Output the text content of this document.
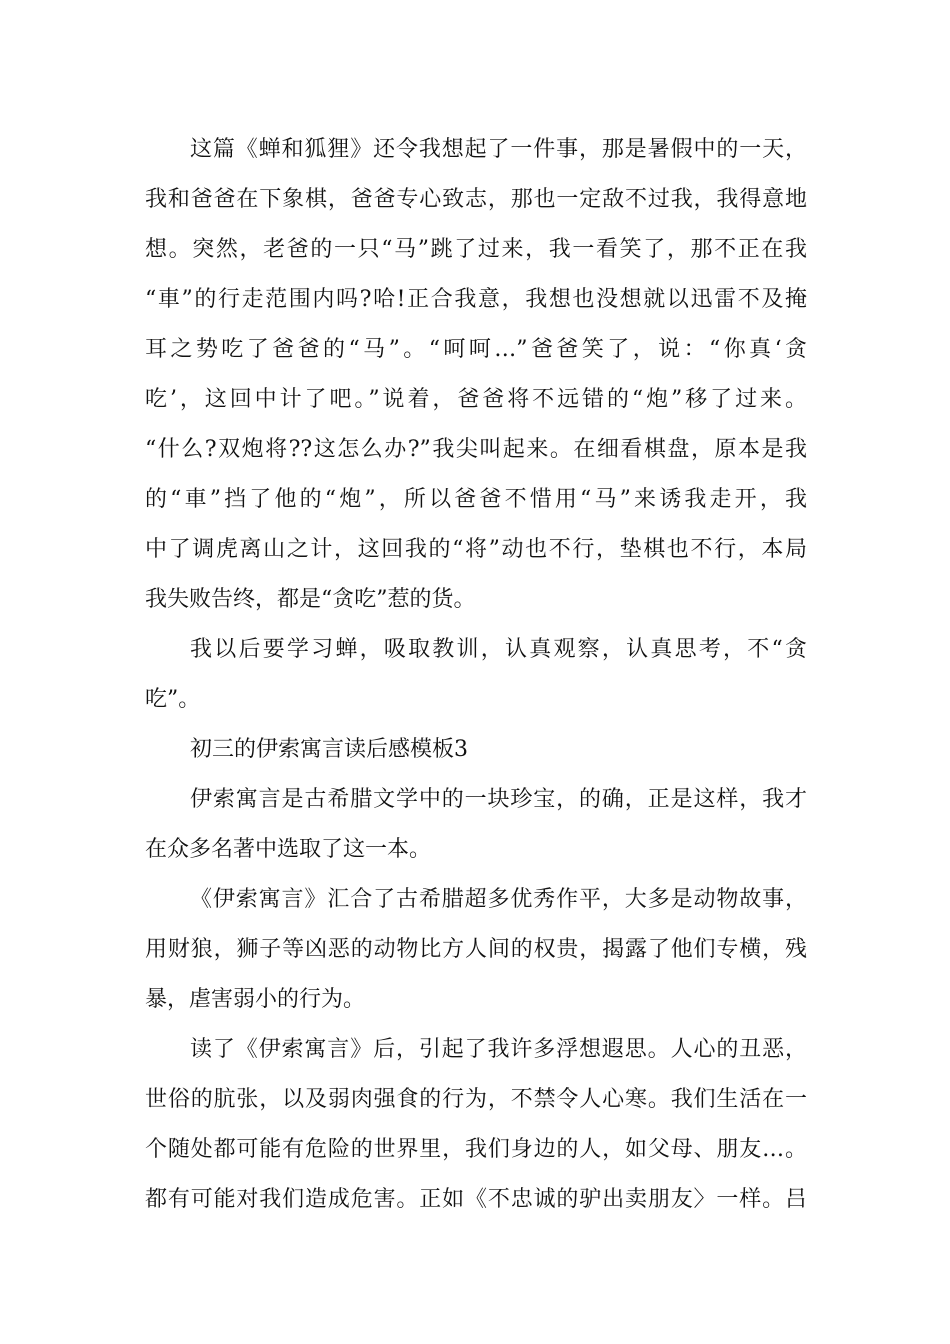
这篇《蝉和狐狸》还令我想起了一件事，那是暑假中的一天，
我和爸爸在下象棋，爸爸专心致志，那也一定敌不过我，我得意地
想。突然，老爸的一只“马”跳了过来，我一看笑了，那不正在我
“車”的行走范围内吗?哈!正合我意，我想也没想就以迅雷不及掩
耳之势吃了爸爸的“马”。“呵呵…”爸爸笑了，说：“你真‘贪
吃’，这回中计了吧。”说着，爸爸将不远错的“炮”移了过来。
“什么?双炮将??这怎么办?”我尖叫起来。在细看棋盘，原本是我
的“車”挡了他的“炮”，所以爸爸不惜用“马”来诱我走开，我
中了调虎离山之计，这回我的“将”动也不行，垫棋也不行，本局
我失败告终，都是“贪吃”惹的货。
我以后要学习蝉，吸取教训，认真观察，认真思考，不“贪
吃”。
初三的伊索寓言读后感模板3
伊索寓言是古希腊文学中的一块珍宝，的确，正是这样，我才
在众多名著中选取了这一本。
《伊索寓言》汇合了古希腊超多优秀作平，大多是动物故事，
用财狼，狮子等凶恶的动物比方人间的权贵，揭露了他们专横，残
暴，虐害弱小的行为。
读了《伊索寓言》后，引起了我许多浮想遐思。人心的丑恶，
世俗的肮张，以及弱肉强食的行为，不禁令人心寒。我们生活在一
个随处都可能有危险的世界里，我们身边的人，如父母、朋友…。
都有可能对我们造成危害。正如《不忠诚的驴出卖朋友〉一样。吕
